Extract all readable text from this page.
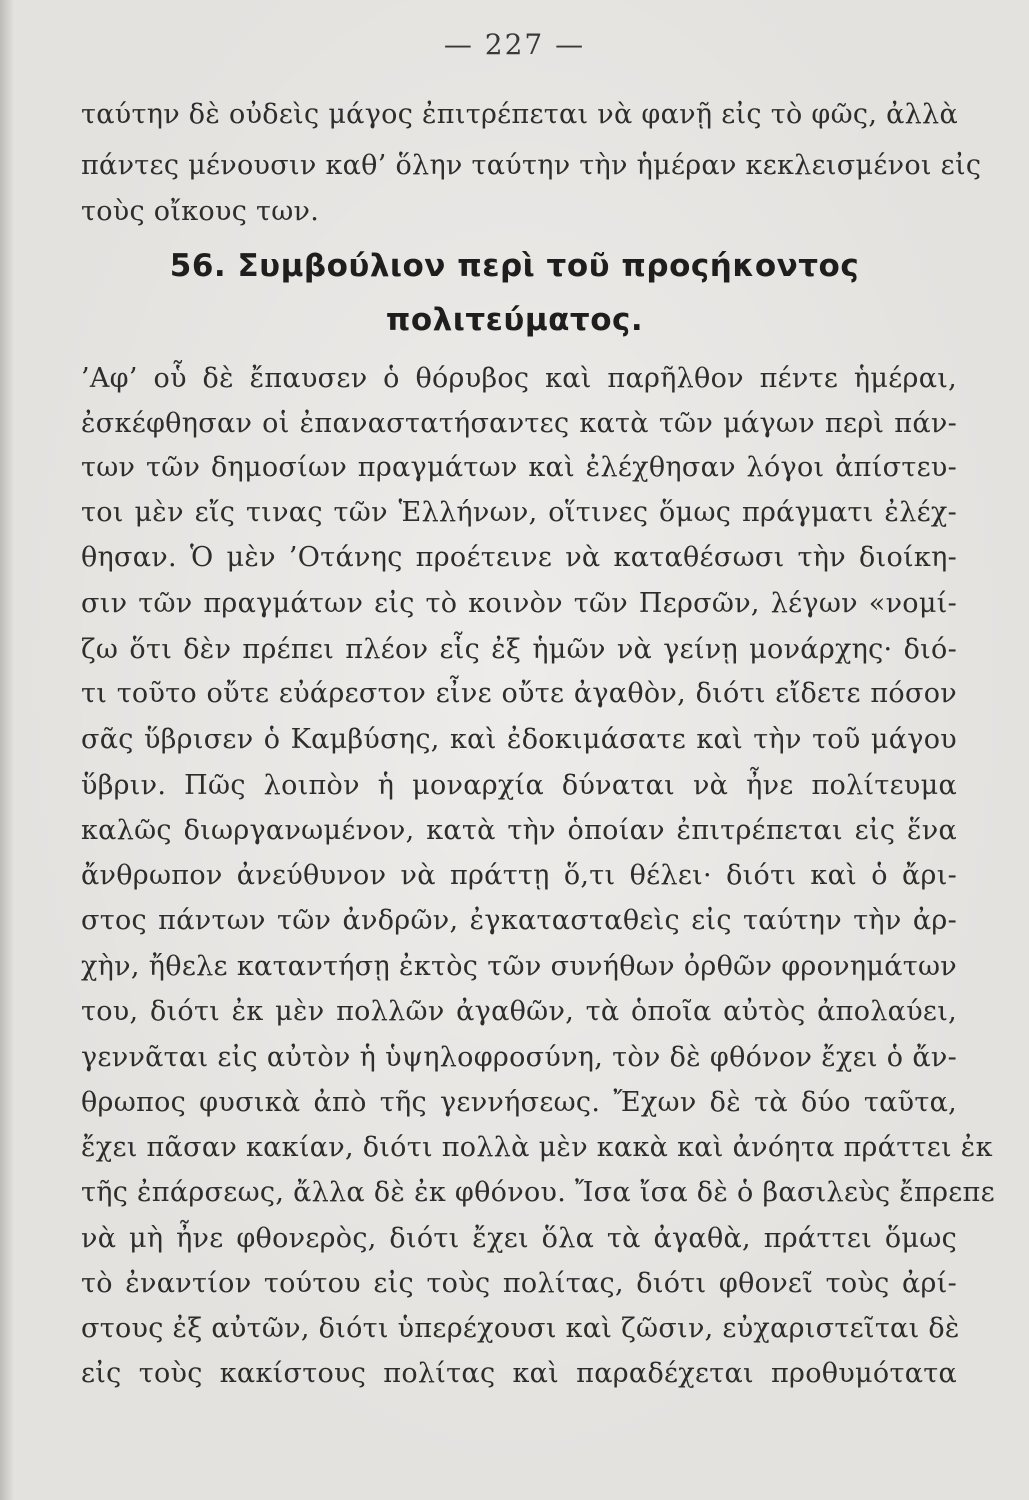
— 227 —
ταύτην δὲ οὐδεὶς μάγος ἐπιτρέπεται νὰ φανῇ εἰς τὸ φῶς, ἀλλὰ
πάντες μένουσιν καθ’ ὅλην ταύτην τὴν ἡμέραν κεκλεισμένοι εἰς
τοὺς οἴκους των.
56. Συμβούλιον περὶ τοῦ προςήκοντος
πολιτεύματος.
’Αφ’ οὗ δὲ ἔπαυσεν ὁ θόρυβος καὶ παρῆλθον πέντε ἡμέραι,
ἐσκέφθησαν οἱ ἐπαναστατήσαντες κατὰ τῶν μάγων περὶ πάν-
των τῶν δημοσίων πραγμάτων καὶ ἐλέχθησαν λόγοι ἀπίστευ-
τοι μὲν εἴς τινας τῶν Ἑλλήνων, οἵτινες ὅμως πράγματι ἐλέχ-
θησαν. Ὁ μὲν ’Οτάνης προέτεινε νὰ καταθέσωσι τὴν διοίκη-
σιν τῶν πραγμάτων εἰς τὸ κοινὸν τῶν Περσῶν, λέγων «νομί-
ζω ὅτι δὲν πρέπει πλέον εἷς ἐξ ἡμῶν νὰ γείνῃ μονάρχης· διό-
τι τοῦτο οὔτε εὐάρεστον εἶνε οὔτε ἀγαθὸν, διότι εἴδετε πόσον
σᾶς ὕβρισεν ὁ Καμβύσης, καὶ ἐδοκιμάσατε καὶ τὴν τοῦ μάγου
ὕβριν. Πῶς λοιπὸν ἡ μοναρχία δύναται νὰ ἦνε πολίτευμα
καλῶς διωργανωμένον, κατὰ τὴν ὁποίαν ἐπιτρέπεται εἰς ἕνα
ἄνθρωπον ἀνεύθυνον νὰ πράττῃ ὅ,τι θέλει· διότι καὶ ὁ ἄρι-
στος πάντων τῶν ἀνδρῶν, ἐγκατασταθεὶς εἰς ταύτην τὴν ἀρ-
χὴν, ἤθελε καταντήσῃ ἐκτὸς τῶν συνήθων ὀρθῶν φρονημάτων
του, διότι ἐκ μὲν πολλῶν ἀγαθῶν, τὰ ὁποῖα αὐτὸς ἀπολαύει,
γεννᾶται εἰς αὐτὸν ἡ ὑψηλοφροσύνη, τὸν δὲ φθόνον ἔχει ὁ ἄν-
θρωπος φυσικὰ ἀπὸ τῆς γεννήσεως. Ἔχων δὲ τὰ δύο ταῦτα,
ἔχει πᾶσαν κακίαν, διότι πολλὰ μὲν κακὰ καὶ ἀνόητα πράττει ἐκ
τῆς ἐπάρσεως, ἄλλα δὲ ἐκ φθόνου. Ἴσα ἴσα δὲ ὁ βασιλεὺς ἔπρεπε
νὰ μὴ ἦνε φθονερὸς, διότι ἔχει ὅλα τὰ ἀγαθὰ, πράττει ὅμως
τὸ ἐναντίον τούτου εἰς τοὺς πολίτας, διότι φθονεῖ τοὺς ἀρί-
στους ἐξ αὐτῶν, διότι ὑπερέχουσι καὶ ζῶσιν, εὐχαριστεῖται δὲ
εἰς τοὺς κακίστους πολίτας καὶ παραδέχεται προθυμότατα
